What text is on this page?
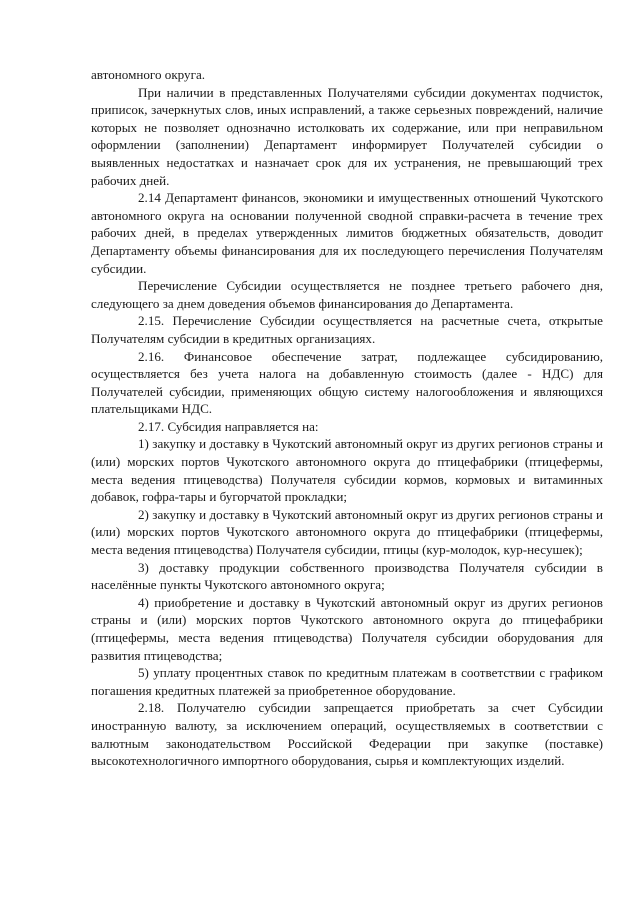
автономного округа.

При наличии в представленных Получателями субсидии документах подчисток, приписок, зачеркнутых слов, иных исправлений, а также серьезных повреждений, наличие которых не позволяет однозначно истолковать их содержание, или при неправильном оформлении (заполнении) Департамент информирует Получателей субсидии о выявленных недостатках и назначает срок для их устранения, не превышающий трех рабочих дней.

2.14 Департамент финансов, экономики и имущественных отношений Чукотского автономного округа на основании полученной сводной справки-расчета в течение трех рабочих дней, в пределах утвержденных лимитов бюджетных обязательств, доводит Департаменту объемы финансирования для их последующего перечисления Получателям субсидии.

Перечисление Субсидии осуществляется не позднее третьего рабочего дня, следующего за днем доведения объемов финансирования до Департамента.

2.15. Перечисление Субсидии осуществляется на расчетные счета, открытые Получателям субсидии в кредитных организациях.

2.16. Финансовое обеспечение затрат, подлежащее субсидированию, осуществляется без учета налога на добавленную стоимость (далее - НДС) для Получателей субсидии, применяющих общую систему налогообложения и являющихся плательщиками НДС.

2.17. Субсидия направляется на:

1) закупку и доставку в Чукотский автономный округ из других регионов страны и (или) морских портов Чукотского автономного округа до птицефабрики (птицефермы, места ведения птицеводства) Получателя субсидии кормов, кормовых и витаминных добавок, гофра-тары и бугорчатой прокладки;

2) закупку и доставку в Чукотский автономный округ из других регионов страны и (или) морских портов Чукотского автономного округа до птицефабрики (птицефермы, места ведения птицеводства) Получателя субсидии, птицы (кур-молодок, кур-несушек);

3) доставку продукции собственного производства Получателя субсидии в населённые пункты Чукотского автономного округа;

4) приобретение и доставку в Чукотский автономный округ из других регионов страны и (или) морских портов Чукотского автономного округа до птицефабрики (птицефермы, места ведения птицеводства) Получателя субсидии оборудования для развития птицеводства;

5) уплату процентных ставок по кредитным платежам в соответствии с графиком погашения кредитных платежей за приобретенное оборудование.

2.18. Получателю субсидии запрещается приобретать за счет Субсидии иностранную валюту, за исключением операций, осуществляемых в соответствии с валютным законодательством Российской Федерации при закупке (поставке) высокотехнологичного импортного оборудования, сырья и комплектующих изделий.
